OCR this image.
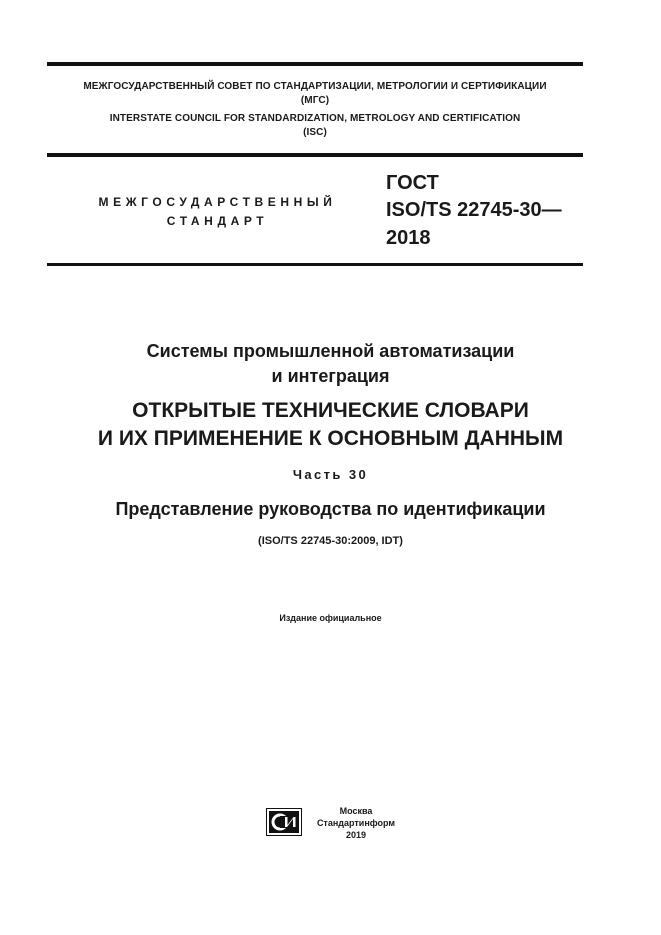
МЕЖГОСУДАРСТВЕННЫЙ СОВЕТ ПО СТАНДАРТИЗАЦИИ, МЕТРОЛОГИИ И СЕРТИФИКАЦИИ
(МГС)
INTERSTATE COUNCIL FOR STANDARDIZATION, METROLOGY AND CERTIFICATION
(ISC)
МЕЖГОСУДАРСТВЕННЫЙ
СТАНДАРТ
ГОСТ
ISO/TS 22745-30—
2018
Системы промышленной автоматизации
и интеграция
ОТКРЫТЫЕ ТЕХНИЧЕСКИЕ СЛОВАРИ
И ИХ ПРИМЕНЕНИЕ К ОСНОВНЫМ ДАННЫМ
Часть 30
Представление руководства по идентификации
(ISO/TS 22745-30:2009, IDT)
Издание официальное
Москва
Стандартинформ
2019
